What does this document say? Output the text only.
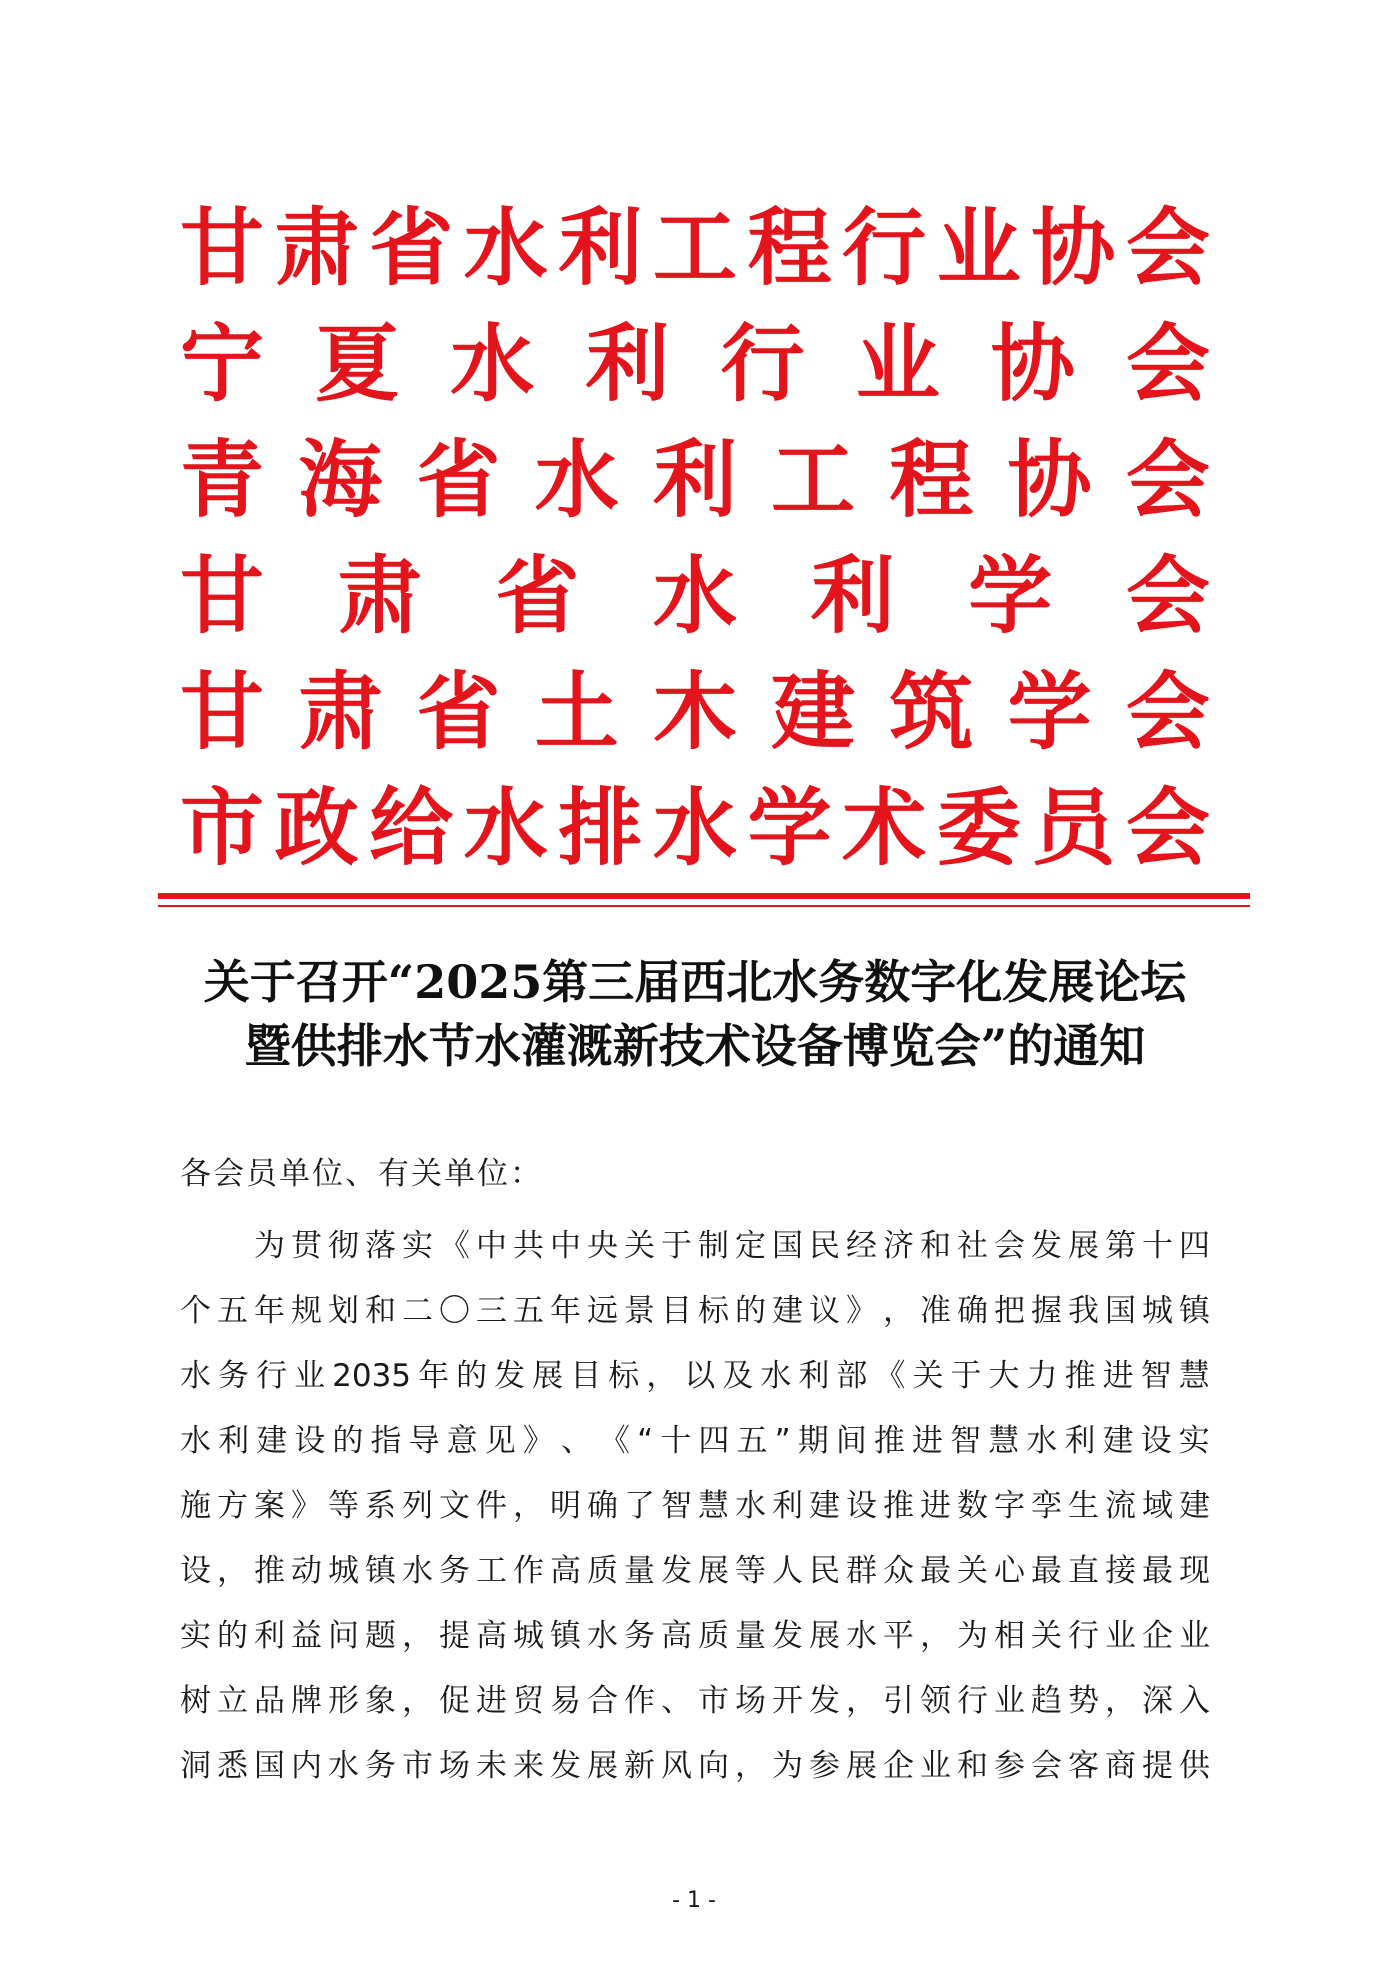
甘 肃 省 水 利 工 程 行 业 协 会
宁 夏 水 利 行 业 协 会
青 海 省 水 利 工 程 协 会
甘 肃 省 水 利 学 会
甘 肃 省 土 木 建 筑 学 会
市 政 给 水 排 水 学 术 委 员 会
关于召开“2025第三届西北水务数字化发展论坛
暨供排水节水灌溉新技术设备博览会”的通知
各会员单位、有关单位：
为 贯 彻 落 实 《 中 共 中 央 关 于 制 定 国 民 经 济 和 社 会 发 展 第 十 四
个 五 年 规 划 和 二 〇 三 五 年 远 景 目 标 的 建 议 》 ， 准 确 把 握 我 国 城 镇
水 务 行 业 2035 年 的 发 展 目 标 ， 以 及 水 利 部 《 关 于 大 力 推 进 智 慧
水 利 建 设 的 指 导 意 见 》 、 《 “ 十 四 五 ” 期 间 推 进 智 慧 水 利 建 设 实
施 方 案 》 等 系 列 文 件 ， 明 确 了 智 慧 水 利 建 设 推 进 数 字 孪 生 流 域 建
设 ， 推 动 城 镇 水 务 工 作 高 质 量 发 展 等 人 民 群 众 最 关 心 最 直 接 最 现
实 的 利 益 问 题 ， 提 高 城 镇 水 务 高 质 量 发 展 水 平 ， 为 相 关 行 业 企 业
树 立 品 牌 形 象 ， 促 进 贸 易 合 作 、 市 场 开 发 ， 引 领 行 业 趋 势 ， 深 入
洞 悉 国 内 水 务 市 场 未 来 发 展 新 风 向 ， 为 参 展 企 业 和 参 会 客 商 提 供
- 1 -
